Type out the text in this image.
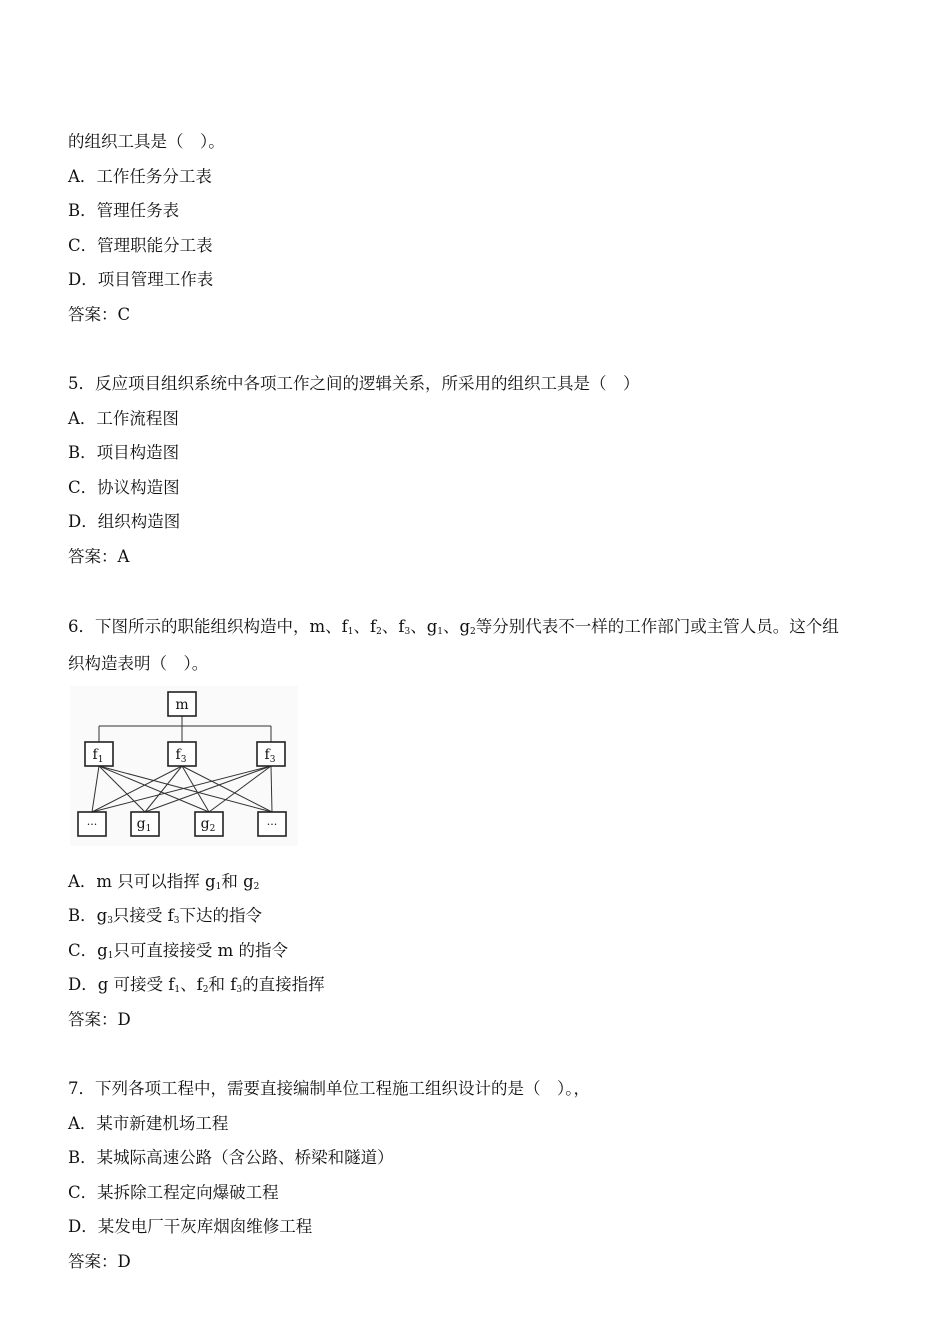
的组织工具是（　）。
A．工作任务分工表
B．管理任务表
C．管理职能分工表
D．项目管理工作表
答案：C
5．反应项目组织系统中各项工作之间的逻辑关系，所采用的组织工具是（　）
A．工作流程图
B．项目构造图
C．协议构造图
D．组织构造图
答案：A
6．下图所示的职能组织构造中，m、$f_1$、$f_2$、$f_3$、$g_1$、$g_2$等分别代表不一样的工作部门或主管人员。这个组
织构造表明（　）。
m
$f_1$	$f_3$	$f_3$
···	$g_1$	$g_2$	···
A．m 只可以指挥 $g_1$和 $g_2$
B．$g_3$只接受 $f_3$下达的指令
C．$g_1$只可直接接受 m 的指令
D．g 可接受 $f_1$、$f_2$和 $f_3$的直接指挥
答案：D
7．下列各项工程中，需要直接编制单位工程施工组织设计的是（　）。，
A．某市新建机场工程
B．某城际高速公路（含公路、桥梁和隧道）
C．某拆除工程定向爆破工程
D．某发电厂干灰库烟囱维修工程
答案：D
